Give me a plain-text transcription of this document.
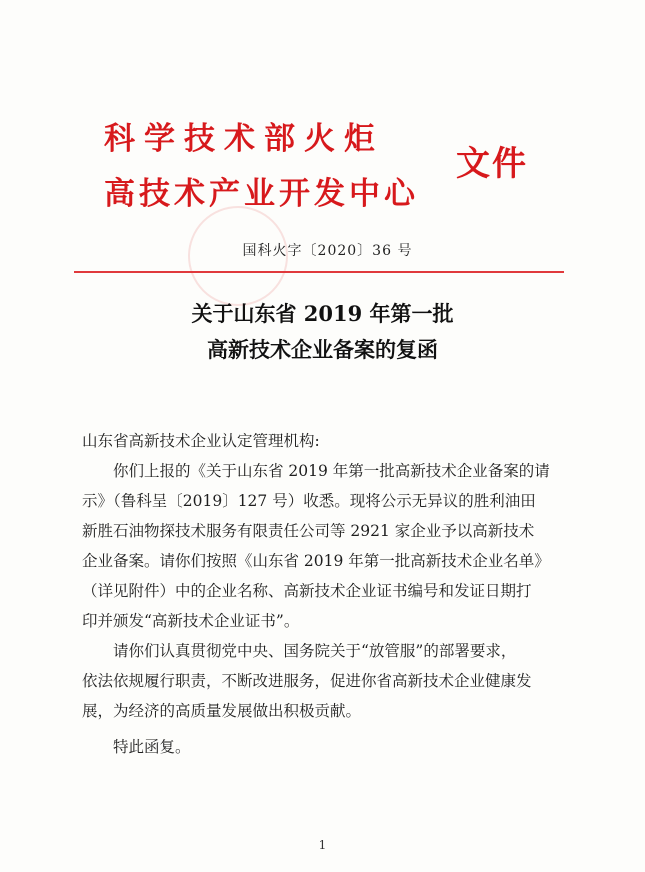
科学技术部火炬
高技术产业开发中心
文件
国科火字〔2020〕36 号
关于山东省 2019 年第一批
高新技术企业备案的复函

山东省高新技术企业认定管理机构:

你们上报的《关于山东省 2019 年第一批高新技术企业备案的请

示》（鲁科呈〔2019〕127 号）收悉。现将公示无异议的胜利油田

新胜石油物探技术服务有限责任公司等 2921 家企业予以高新技术

企业备案。请你们按照《山东省 2019 年第一批高新技术企业名单》

（详见附件）中的企业名称、高新技术企业证书编号和发证日期打

印并颁发“高新技术企业证书”。

请你们认真贯彻党中央、国务院关于“放管服”的部署要求，

依法依规履行职责，不断改进服务，促进你省高新技术企业健康发

展，为经济的高质量发展做出积极贡献。

特此函复。

1
